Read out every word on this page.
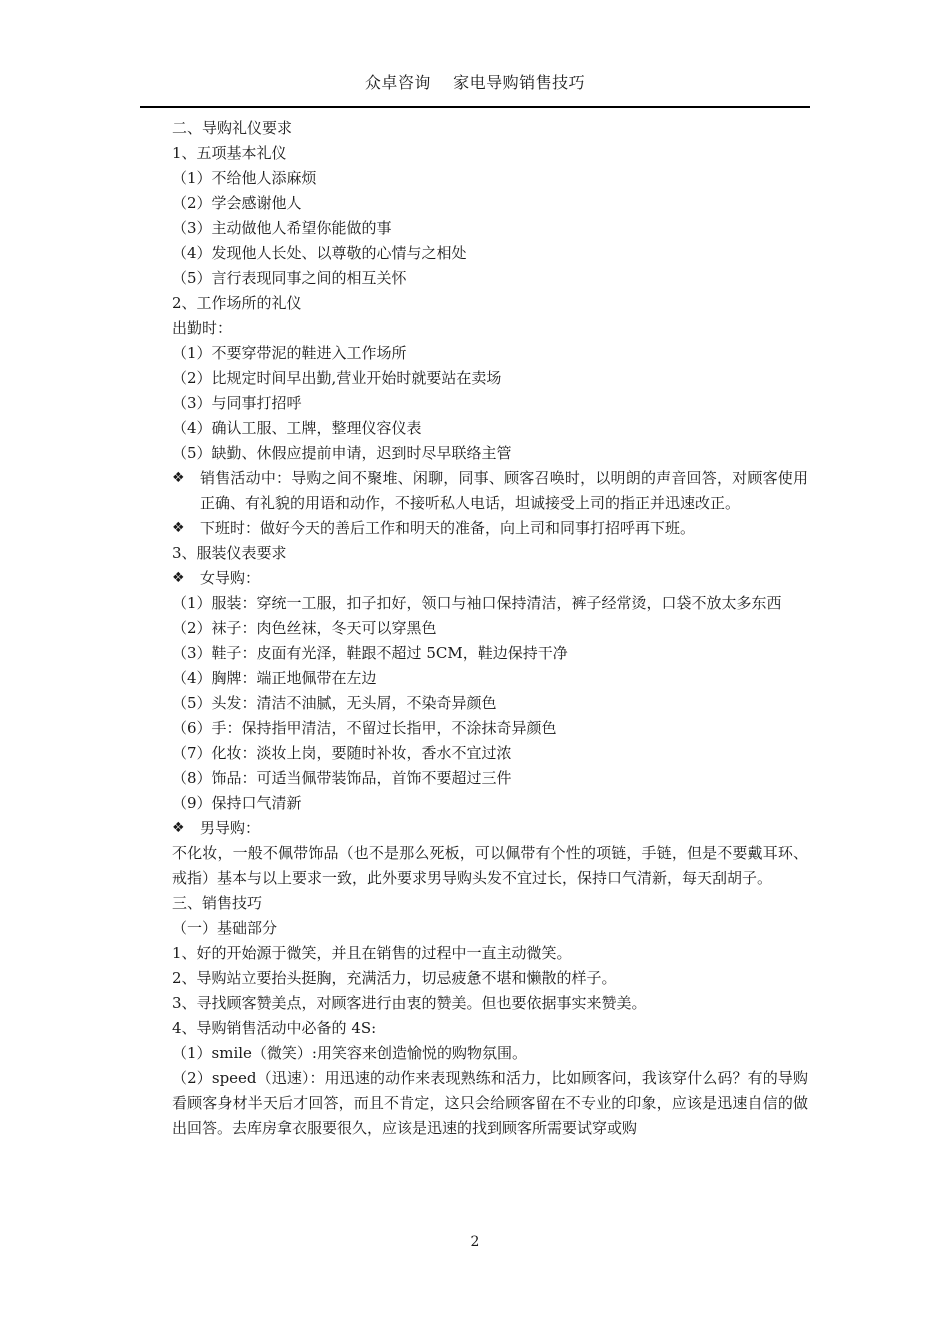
众卓咨询 家电导购销售技巧

二、导购礼仪要求

1、五项基本礼仪

（1）不给他人添麻烦

（2）学会感谢他人

（3）主动做他人希望你能做的事

（4）发现他人长处、以尊敬的心情与之相处

（5）言行表现同事之间的相互关怀

2、工作场所的礼仪

出勤时：

（1）不要穿带泥的鞋进入工作场所

（2）比规定时间早出勤,营业开始时就要站在卖场

（3）与同事打招呼

（4）确认工服、工牌，整理仪容仪表

（5）缺勤、休假应提前申请，迟到时尽早联络主管

❖	销售活动中：导购之间不聚堆、闲聊，同事、顾客召唤时，以明朗的声音回答，对顾客使用正确、有礼貌的用语和动作，不接听私人电话，坦诚接受上司的指正并迅速改正。
❖	下班时：做好今天的善后工作和明天的准备，向上司和同事打招呼再下班。

3、服装仪表要求

❖	女导购：

（1）服装：穿统一工服，扣子扣好，领口与袖口保持清洁，裤子经常烫，口袋不放太多东西

（2）袜子：肉色丝袜，冬天可以穿黑色

（3）鞋子：皮面有光泽，鞋跟不超过 5CM，鞋边保持干净

（4）胸牌：端正地佩带在左边

（5）头发：清洁不油腻，无头屑，不染奇异颜色

（6）手：保持指甲清洁，不留过长指甲，不涂抹奇异颜色

（7）化妆：淡妆上岗，要随时补妆，香水不宜过浓

（8）饰品：可适当佩带装饰品，首饰不要超过三件

（9）保持口气清新

❖	男导购：

不化妆，一般不佩带饰品（也不是那么死板，可以佩带有个性的项链，手链，但是不要戴耳环、戒指）基本与以上要求一致，此外要求男导购头发不宜过长，保持口气清新，每天刮胡子。

三、销售技巧

（一）基础部分

1、好的开始源于微笑，并且在销售的过程中一直主动微笑。

2、导购站立要抬头挺胸，充满活力，切忌疲惫不堪和懒散的样子。

3、寻找顾客赞美点，对顾客进行由衷的赞美。但也要依据事实来赞美。

4、导购销售活动中必备的 4S:

（1）smile（微笑）:用笑容来创造愉悦的购物氛围。

（2）speed（迅速）：用迅速的动作来表现熟练和活力，比如顾客问，我该穿什么码？有的导购看顾客身材半天后才回答，而且不肯定，这只会给顾客留在不专业的印象，应该是迅速自信的做出回答。去库房拿衣服要很久，应该是迅速的找到顾客所需要试穿或购

2
